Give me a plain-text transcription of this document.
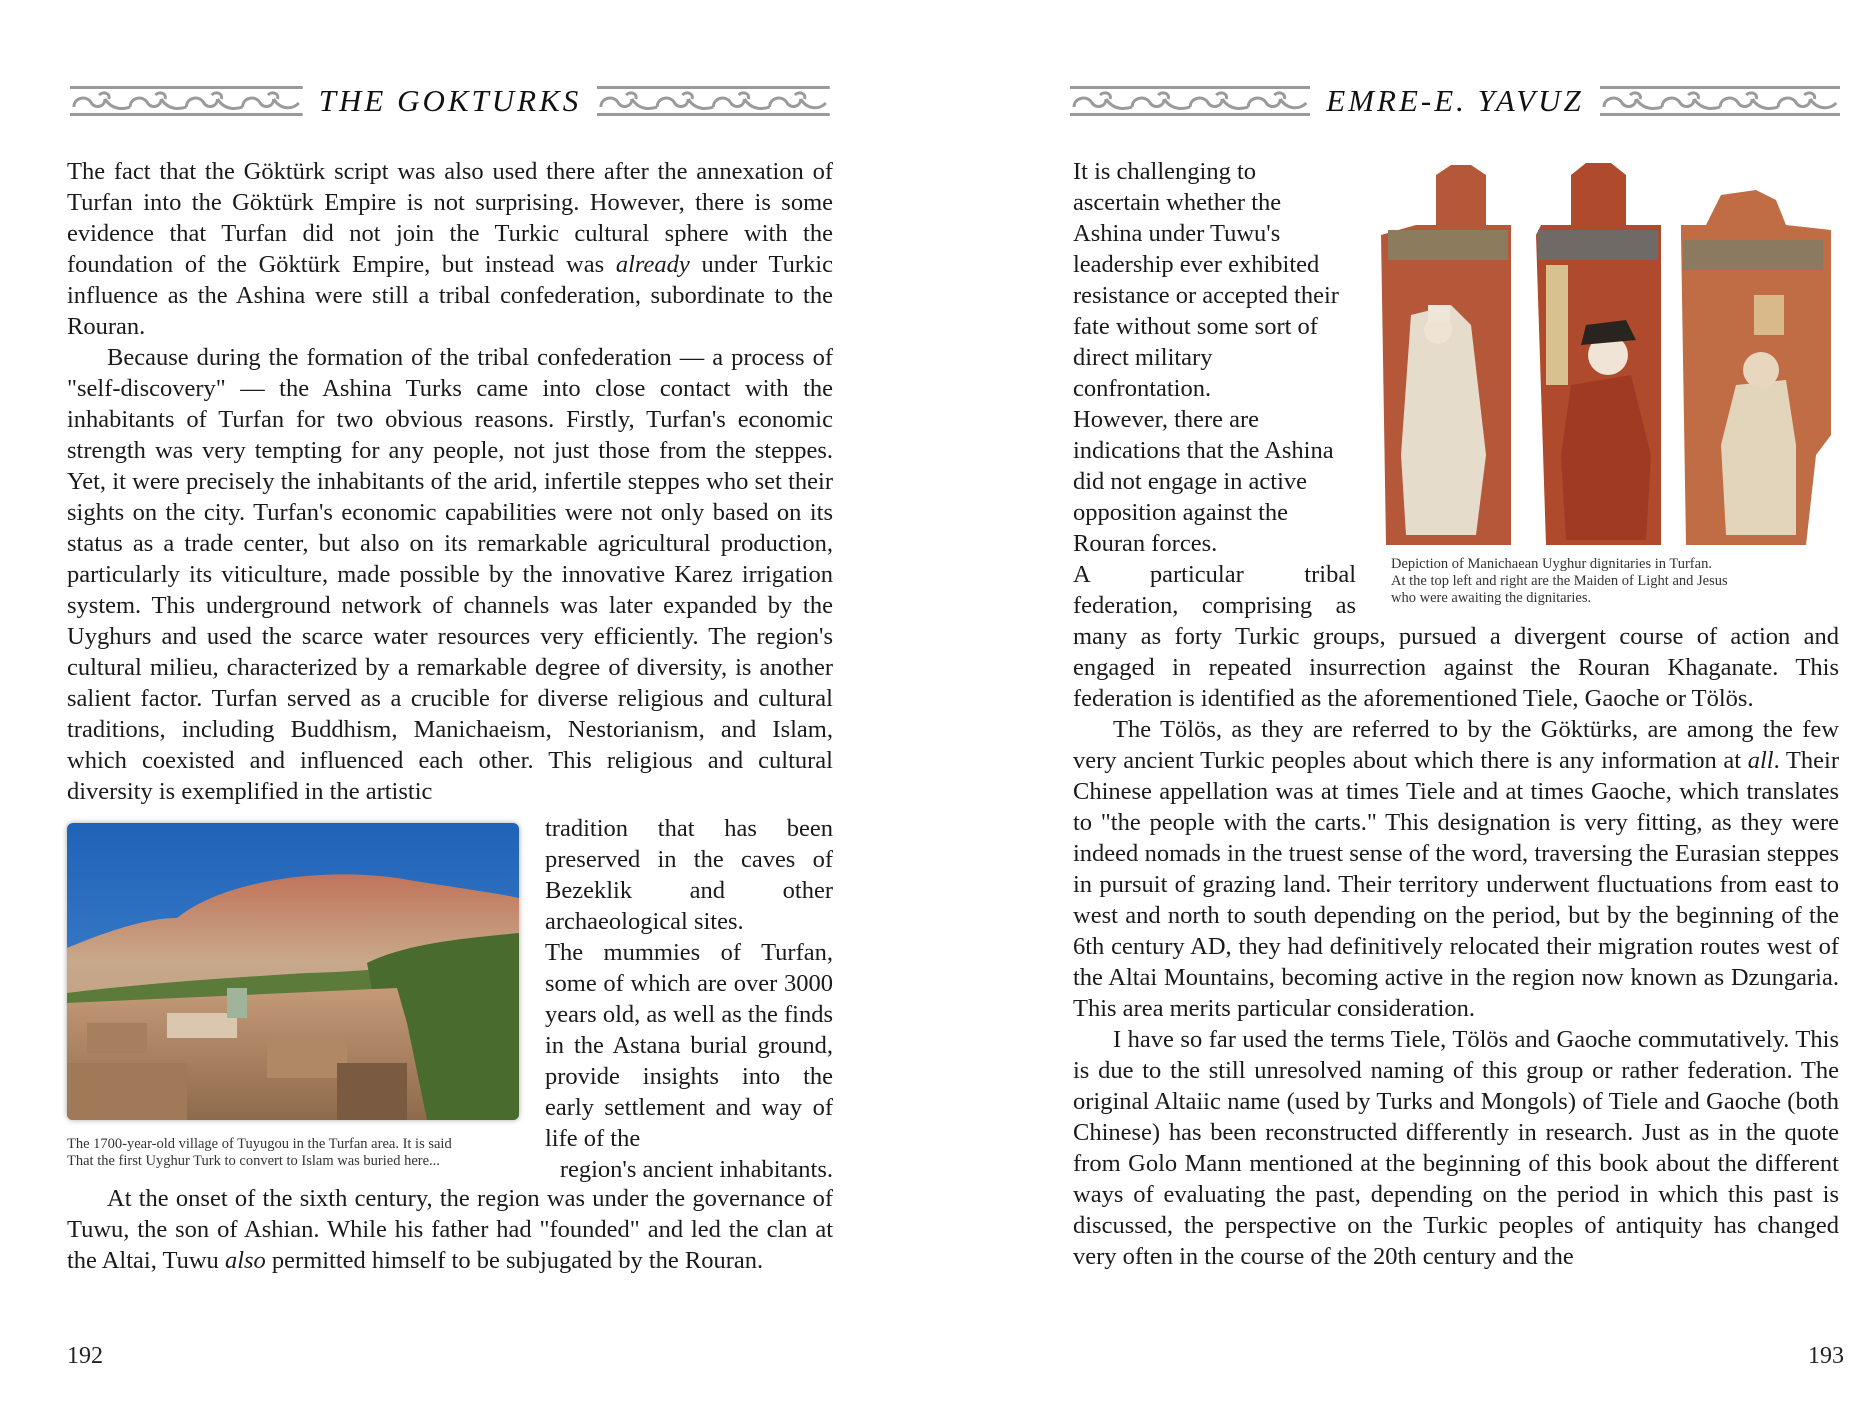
THE GOKTURKS

The fact that the Göktürk script was also used there after the annexation of Turfan into the Göktürk Empire is not surprising. However, there is some evidence that Turfan did not join the Turkic cultural sphere with the foundation of the Göktürk Empire, but instead was already under Turkic influence as the Ashina were still a tribal confederation, subordinate to the Rouran.

Because during the formation of the tribal confederation — a process of "self-discovery" — the Ashina Turks came into close contact with the inhabitants of Turfan for two obvious reasons. Firstly, Turfan's economic strength was very tempting for any people, not just those from the steppes. Yet, it were precisely the inhabitants of the arid, infertile steppes who set their sights on the city. Turfan's economic capabilities were not only based on its status as a trade center, but also on its remarkable agricultural production, particularly its viticulture, made possible by the innovative Karez irrigation system. This underground network of channels was later expanded by the Uyghurs and used the scarce water resources very efficiently. The region's cultural milieu, characterized by a remarkable degree of diversity, is another salient factor. Turfan served as a crucible for diverse religious and cultural traditions, including Buddhism, Manichaeism, Nestorianism, and Islam, which coexisted and influenced each other. This religious and cultural diversity is exemplified in the artistic

The 1700-year-old village of Tuyugou in the Turfan area. It is said
That the first Uyghur Turk to convert to Islam was buried here...

tradition that has been preserved in the caves of Bezeklik and other archaeological sites.

The mummies of Turfan, some of which are over 3000 years old, as well as the finds in the Astana burial ground, provide insights into the early settlement and way of life of the

region's ancient inhabitants.

At the onset of the sixth century, the region was under the governance of Tuwu, the son of Ashian. While his father had "founded" and led the clan at the Altai, Tuwu also permitted himself to be subjugated by the Rouran.

192	193
EMRE-E. YAVUZ
It is challenging to
ascertain whether the
Ashina under Tuwu's
leadership ever exhibited
resistance or accepted their
fate without some sort of
direct military
confrontation.
However, there are
indications that the Ashina
did not engage in active
opposition against the
Rouran forces.
A particular tribal
federation, comprising as
Depiction of Manichaean Uyghur dignitaries in Turfan.
At the top left and right are the Maiden of Light and Jesus
who were awaiting the dignitaries.

many as forty Turkic groups, pursued a divergent course of action and engaged in repeated insurrection against the Rouran Khaganate. This federation is identified as the aforementioned Tiele, Gaoche or Tölös.

The Tölös, as they are referred to by the Göktürks, are among the few very ancient Turkic peoples about which there is any information at all. Their Chinese appellation was at times Tiele and at times Gaoche, which translates to "the people with the carts." This designation is very fitting, as they were indeed nomads in the truest sense of the word, traversing the Eurasian steppes in pursuit of grazing land. Their territory underwent fluctuations from east to west and north to south depending on the period, but by the beginning of the 6th century AD, they had definitively relocated their migration routes west of the Altai Mountains, becoming active in the region now known as Dzungaria. This area merits particular consideration.

I have so far used the terms Tiele, Tölös and Gaoche commutatively. This is due to the still unresolved naming of this group or rather federation. The original Altaiic name (used by Turks and Mongols) of Tiele and Gaoche (both Chinese) has been reconstructed differently in research. Just as in the quote from Golo Mann mentioned at the beginning of this book about the different ways of evaluating the past, depending on the period in which this past is discussed, the perspective on the Turkic peoples of antiquity has changed very often in the course of the 20th century and the
